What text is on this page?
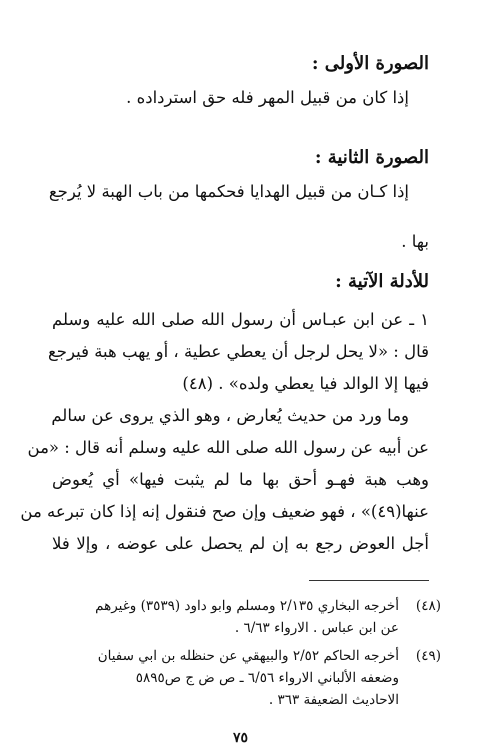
الصورة الأولى :
إذا كان من قبيل المهر فله حق استرداده .
الصورة الثانية :
إذا كـان من قبيل الهدايا فحكمها من باب الهبة لا يُرجع
بها .
للأدلة الآتية :
١ ـ عن ابن عبـاس أن رسول الله صلى الله عليه وسلم
قال : «لا يحل لرجل أن يعطي عطية ، أو يهب هبة فيرجع
فيها إلا الوالد فيا يعطي ولده» . (٤٨)
وما ورد من حديث يُعارض ، وهو الذي يروى عن سالم
عن أبيه عن رسول الله صلى الله عليه وسلم أنه قال : «من
وهب هبة فهـو أحق بها ما لم يثبت فيها» أي يُعوض
عنها(٤٩)» ، فهو ضعيف وإن صح فنقول إنه إذا كان تبرعه من
أجل العوض رجع به إن لم يحصل على عوضه ، وإلا فلا
(٤٨)
أخرجه البخاري ٢/١٣٥ ومسلم وابو داود (٣٥٣٩) وغيرهم
عن ابن عباس . الارواء ٦/٦٣ .
(٤٩)
أخرجه الحاكم ٢/٥٢ والبيهقي عن حنظله بن ابي سفيان
وضعفه الألباني الارواء ٦/٥٦ ـ ص ض ج ص٥٨٩٥
الاحاديث الضعيفة ٣٦٣ .
٧٥
